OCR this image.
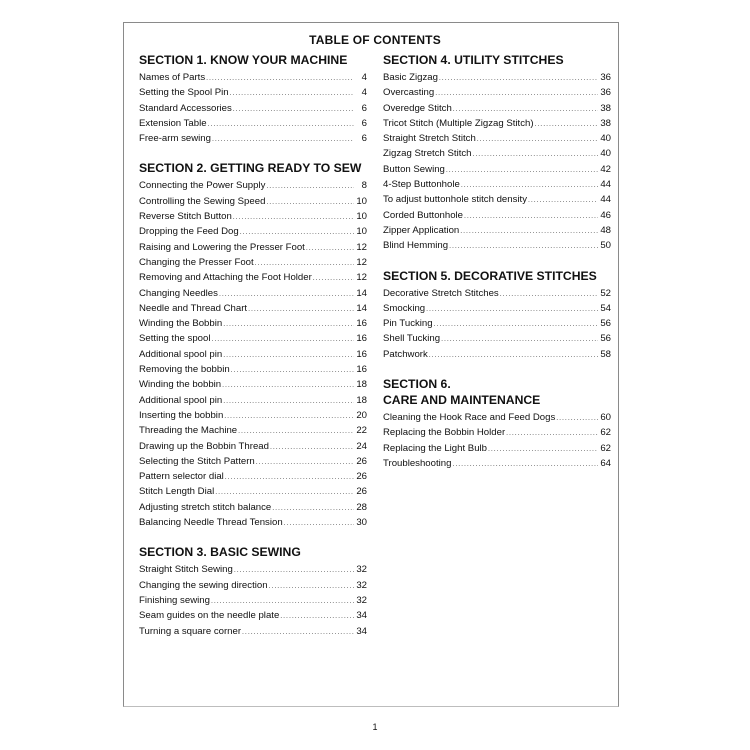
TABLE OF CONTENTS
SECTION 1. KNOW YOUR MACHINE
Names of Parts . . .	4
Setting the Spool Pin . . .	4
Standard Accessories . . .	6
Extension Table . . .	6
Free-arm sewing . . .	6
SECTION 2. GETTING READY TO SEW
Connecting the Power Supply . . .	8
Controlling the Sewing Speed . . .	10
Reverse Stitch Button . . .	10
Dropping the Feed Dog . . .	10
Raising and Lowering the Presser Foot . . .	12
Changing the Presser Foot . . .	12
Removing and Attaching the Foot Holder . . .	12
Changing Needles . . .	14
Needle and Thread Chart . . .	14
Winding the Bobbin . . .	16
Setting the spool . . .	16
Additional spool pin . . .	16
Removing the bobbin . . .	16
Winding the bobbin . . .	18
Additional spool pin . . .	18
Inserting the bobbin . . .	20
Threading the Machine . . .	22
Drawing up the Bobbin Thread . . .	24
Selecting the Stitch Pattern . . .	26
Pattern selector dial . . .	26
Stitch Length Dial . . .	26
Adjusting stretch stitch balance . . .	28
Balancing Needle Thread Tension . . .	30
SECTION 3. BASIC SEWING
Straight Stitch Sewing . . .	32
Changing the sewing direction . . .	32
Finishing sewing . . .	32
Seam guides on the needle plate . . .	34
Turning a square corner . . .	34
SECTION 4. UTILITY STITCHES
Basic Zigzag . . .	36
Overcasting . . .	36
Overedge Stitch . . .	38
Tricot Stitch (Multiple Zigzag Stitch) . . .	38
Straight Stretch Stitch . . .	40
Zigzag Stretch Stitch . . .	40
Button Sewing . . .	42
4-Step Buttonhole . . .	44
To adjust buttonhole stitch density . . .	44
Corded Buttonhole . . .	46
Zipper Application . . .	48
Blind Hemming . . .	50
SECTION 5. DECORATIVE STITCHES
Decorative Stretch Stitches . . .	52
Smocking . . .	54
Pin Tucking . . .	56
Shell Tucking . . .	56
Patchwork . . .	58
SECTION 6.
CARE AND MAINTENANCE
Cleaning the Hook Race and Feed Dogs . . .	60
Replacing the Bobbin Holder . . .	62
Replacing the Light Bulb . . .	62
Troubleshooting . . .	64
1
